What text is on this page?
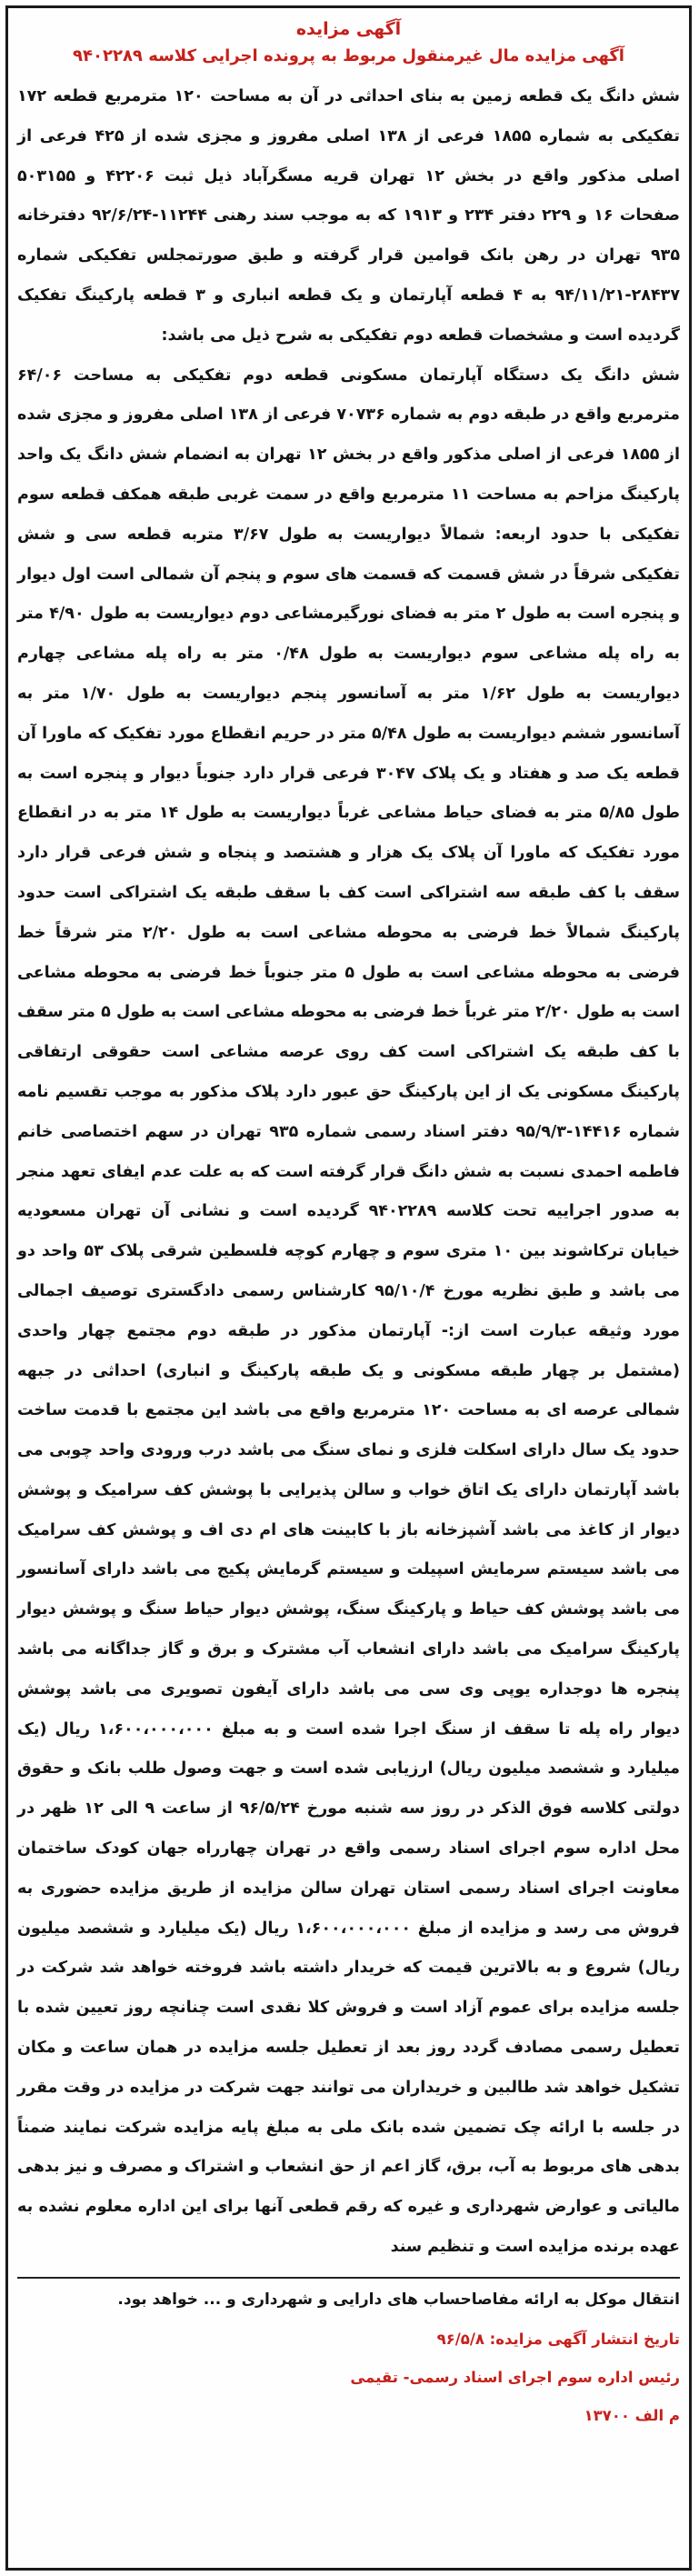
آگهی مزایده

آگهی مزایده مال غیرمنقول مربوط به پرونده اجرایی کلاسه ۹۴۰۲۲۸۹

شش دانگ یک قطعه زمین به بنای احداثی در آن به مساحت ۱۲۰ مترمربع قطعه ۱۷۲ تفکیکی به شماره ۱۸۵۵ فرعی از ۱۳۸ اصلی مفروز و مجزی شده از ۴۲۵ فرعی از اصلی مذکور واقع در بخش ۱۲ تهران قریه مسگرآباد ذیل ثبت ۴۲۲۰۶ و ۵۰۳۱۵۵ صفحات ۱۶ و ۲۲۹ دفتر ۲۳۴ و ۱۹۱۳ که به موجب سند رهنی ۱۱۲۴۴-۹۲/۶/۲۴ دفترخانه ۹۳۵ تهران در رهن بانک قوامین قرار گرفته و طبق صورتمجلس تفکیکی شماره ۲۸۴۳۷-۹۴/۱۱/۲۱ به ۴ قطعه آپارتمان و یک قطعه انباری و ۳ قطعه پارکینگ تفکیک گردیده است و مشخصات قطعه دوم تفکیکی به شرح ذیل می باشد:

شش دانگ یک دستگاه آپارتمان مسکونی قطعه دوم تفکیکی به مساحت ۶۴/۰۶ مترمربع واقع در طبقه دوم به شماره ۷۰۷۳۶ فرعی از ۱۳۸ اصلی مفروز و مجزی شده از ۱۸۵۵ فرعی از اصلی مذکور واقع در بخش ۱۲ تهران به انضمام شش دانگ یک واحد پارکینگ مزاحم به مساحت ۱۱ مترمربع واقع در سمت غربی طبقه همکف قطعه سوم تفکیکی با حدود اربعه: شمالاً دیواریست به طول ۳/۶۷ متربه قطعه سی و شش تفکیکی شرقاً در شش قسمت که قسمت های سوم و پنجم آن شمالی است اول دیوار و پنجره است به طول ۲ متر به فضای نورگیرمشاعی دوم دیواریست به طول ۴/۹۰ متر به راه پله مشاعی سوم دیواریست به طول ۰/۴۸ متر به راه پله مشاعی چهارم دیواریست به طول ۱/۶۲ متر به آسانسور پنجم دیواریست به طول ۱/۷۰ متر به آسانسور ششم دیواریست به طول ۵/۴۸ متر در حریم انقطاع مورد تفکیک که ماورا آن قطعه یک صد و هفتاد و یک پلاک ۳۰۴۷ فرعی قرار دارد جنوباً دیوار و پنجره است به طول ۵/۸۵ متر به فضای حیاط مشاعی غرباً دیواریست به طول ۱۴ متر به در انقطاع مورد تفکیک که ماورا آن پلاک یک هزار و هشتصد و پنجاه و شش فرعی قرار دارد سقف با کف طبقه سه اشتراکی است کف با سقف طبقه یک اشتراکی است حدود پارکینگ شمالاً خط فرضی به محوطه مشاعی است به طول ۲/۲۰ متر شرقاً خط فرضی به محوطه مشاعی است به طول ۵ متر جنوباً خط فرضی به محوطه مشاعی است به طول ۲/۲۰ متر غرباً خط فرضی به محوطه مشاعی است به طول ۵ متر سقف با کف طبقه یک اشتراکی است کف روی عرصه مشاعی است حقوقی ارتفاقی پارکینگ مسکونی یک از این پارکینگ حق عبور دارد پلاک مذکور به موجب تقسیم نامه شماره ۱۴۴۱۶-۹۵/۹/۳ دفتر اسناد رسمی شماره ۹۳۵ تهران در سهم اختصاصی خانم فاطمه احمدی نسبت به شش دانگ قرار گرفته است که به علت عدم ایفای تعهد منجر به صدور اجراییه تحت کلاسه ۹۴۰۲۲۸۹ گردیده است و نشانی آن تهران مسعودیه خیابان ترکاشوند بین ۱۰ متری سوم و چهارم کوچه فلسطین شرقی پلاک ۵۳ واحد دو می باشد و طبق نظریه مورخ ۹۵/۱۰/۴ کارشناس رسمی دادگستری توصیف اجمالی مورد وثیقه عبارت است از:- آپارتمان مذکور در طبقه دوم مجتمع چهار واحدی (مشتمل بر چهار طبقه مسکونی و یک طبقه پارکینگ و انباری) احداثی در جبهه شمالی عرصه ای به مساحت ۱۲۰ مترمربع واقع می باشد این مجتمع با قدمت ساخت حدود یک سال دارای اسکلت فلزی و نمای سنگ می باشد درب ورودی واحد چوبی می باشد آپارتمان دارای یک اتاق خواب و سالن پذیرایی با پوشش کف سرامیک و پوشش دیوار از کاغذ می باشد آشپزخانه باز با کابینت های ام دی اف و پوشش کف سرامیک می باشد سیستم سرمایش اسپیلت و سیستم گرمایش پکیج می باشد دارای آسانسور می باشد پوشش کف حیاط و پارکینگ سنگ، پوشش دیوار حیاط سنگ و پوشش دیوار پارکینگ سرامیک می باشد دارای انشعاب آب مشترک و برق و گاز جداگانه می باشد پنجره ها دوجداره یوپی وی سی می باشد دارای آیفون تصویری می باشد پوشش دیوار راه پله تا سقف از سنگ اجرا شده است و به مبلغ ۱،۶۰۰،۰۰۰،۰۰۰ ریال (یک میلیارد و ششصد میلیون ریال) ارزیابی شده است و جهت وصول طلب بانک و حقوق دولتی کلاسه فوق الذکر در روز سه شنبه مورخ ۹۶/۵/۲۴ از ساعت ۹ الی ۱۲ ظهر در محل اداره سوم اجرای اسناد رسمی واقع در تهران چهارراه جهان کودک ساختمان معاونت اجرای اسناد رسمی استان تهران سالن مزایده از طریق مزایده حضوری به فروش می رسد و مزایده از مبلغ ۱،۶۰۰،۰۰۰،۰۰۰ ریال (یک میلیارد و ششصد میلیون ریال) شروع و به بالاترین قیمت که خریدار داشته باشد فروخته خواهد شد شرکت در جلسه مزایده برای عموم آزاد است و فروش کلا نقدی است چنانچه روز تعیین شده با تعطیل رسمی مصادف گردد روز بعد از تعطیل جلسه مزایده در همان ساعت و مکان تشکیل خواهد شد طالبین و خریداران می توانند جهت شرکت در مزایده در وقت مقرر در جلسه با ارائه چک تضمین شده بانک ملی به مبلغ پایه مزایده شرکت نمایند ضمناً بدهی های مربوط به آب، برق، گاز اعم از حق انشعاب و اشتراک و مصرف و نیز بدهی مالیاتی و عوارض شهرداری و غیره که رقم قطعی آنها برای این اداره معلوم نشده به عهده برنده مزایده است و تنظیم سند

انتقال موکل به ارائه مفاصاحساب های دارایی و شهرداری و ... خواهد بود.

تاریخ انتشار آگهی مزایده: ۹۶/۵/۸

رئیس اداره سوم اجرای اسناد رسمی- تقیمی

م الف ۱۳۷۰۰
